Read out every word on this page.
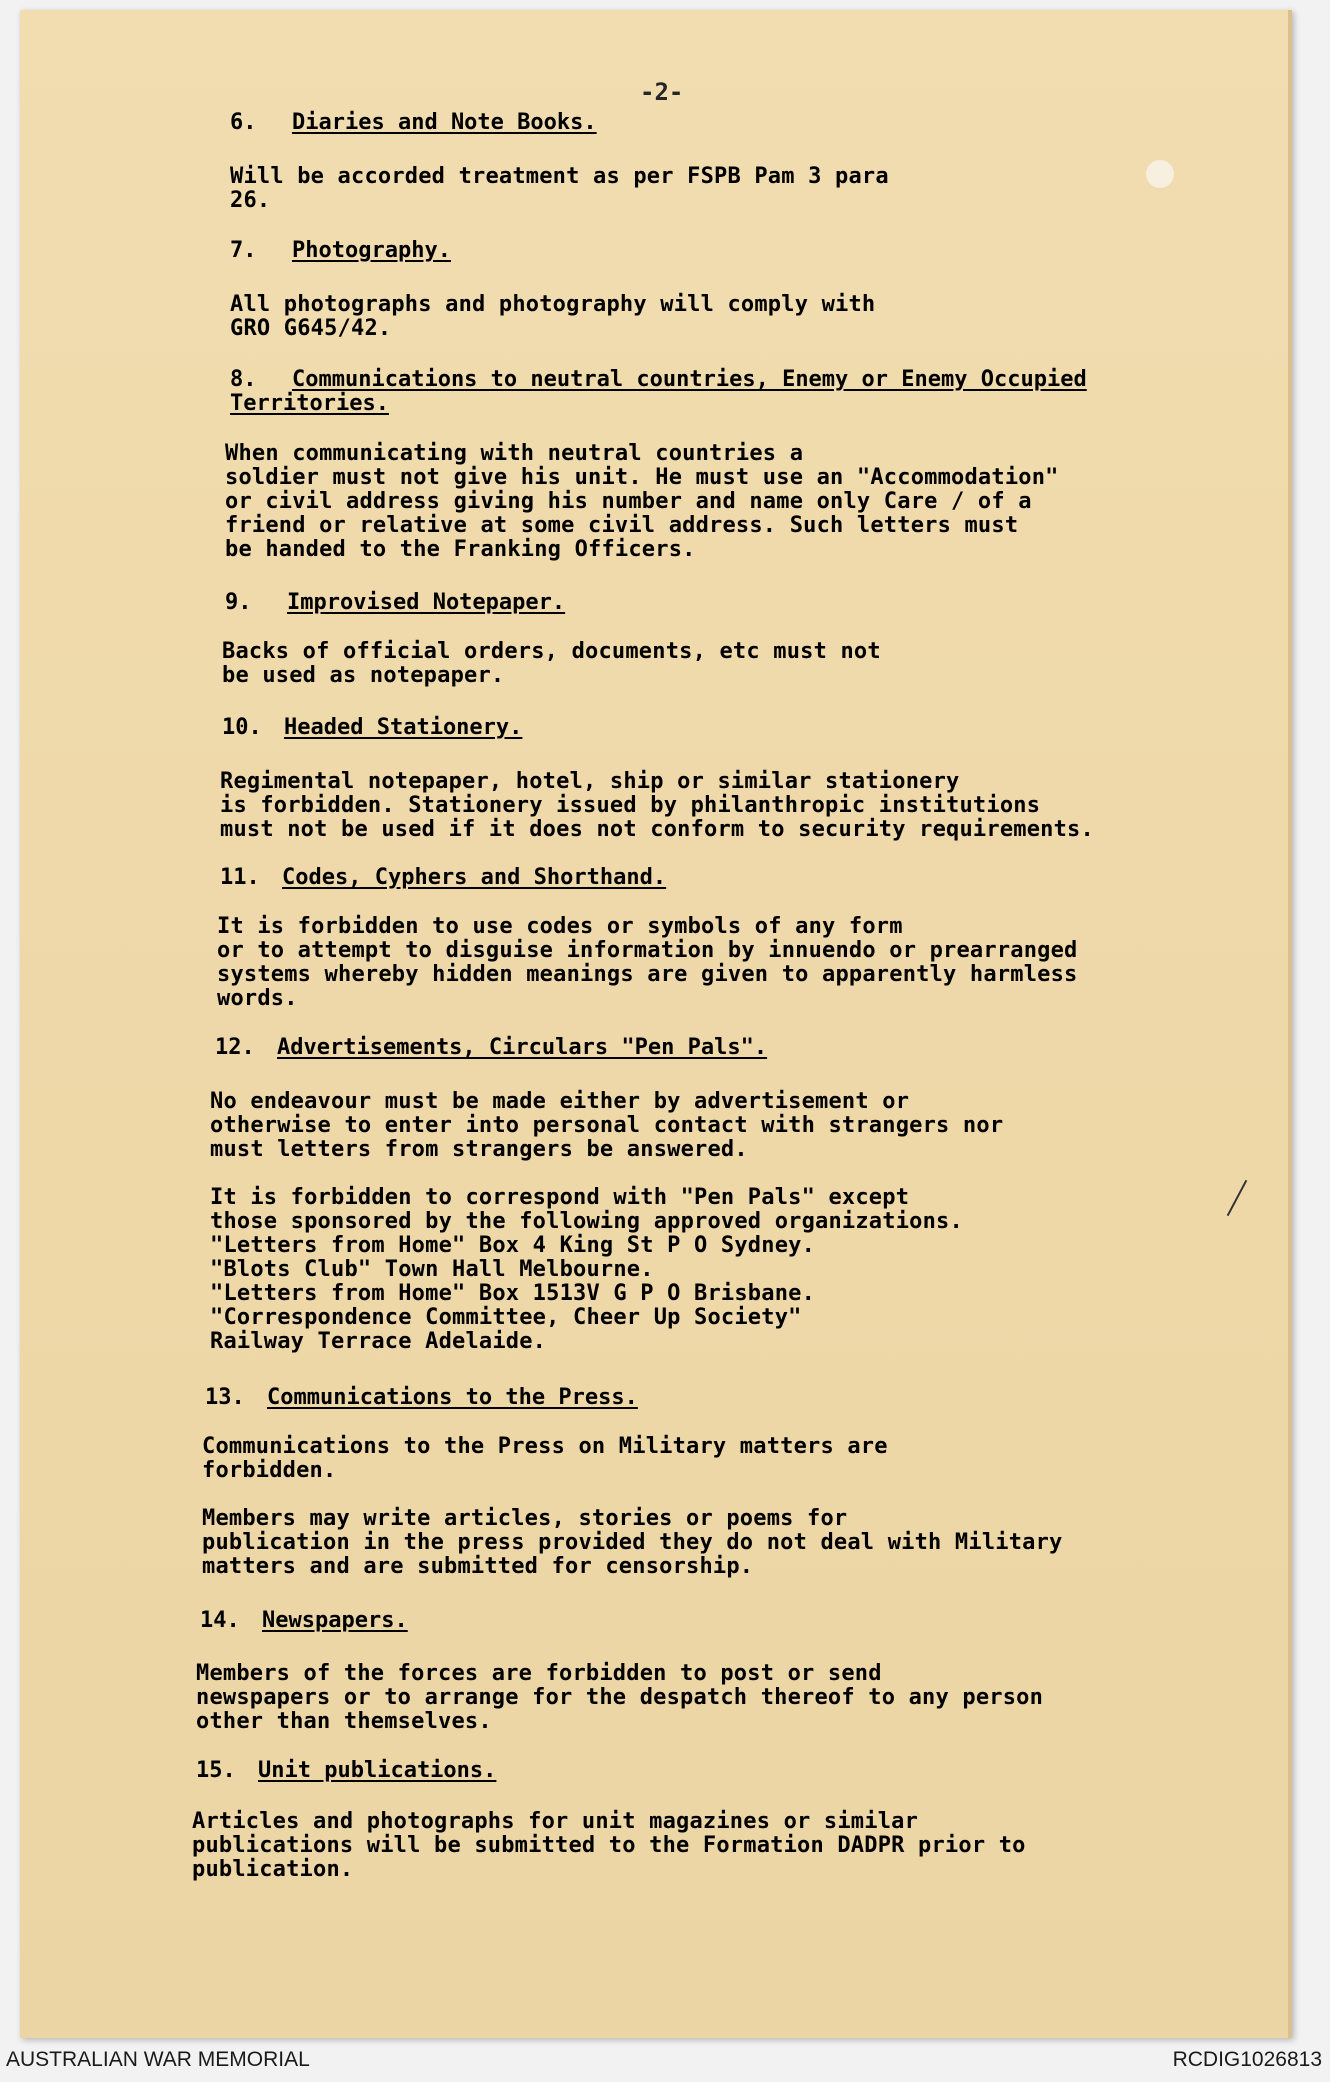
-2-
6. Diaries and Note Books.
Will be accorded treatment as per FSPB Pam 3 para
26.
7. Photography.
All photographs and photography will comply with
GRO G645/42.
8. Communications to neutral countries, Enemy or Enemy Occupied Territories.
When communicating with neutral countries a
soldier must not give his unit. He must use an "Accommodation"
or civil address giving his number and name only Care / of a
friend or relative at some civil address. Such letters must
be handed to the Franking Officers.
9. Improvised Notepaper.
Backs of official orders, documents, etc must not
be used as notepaper.
10. Headed Stationery.
Regimental notepaper, hotel, ship or similar stationery
is forbidden. Stationery issued by philanthropic institutions
must not be used if it does not conform to security requirements.
11. Codes, Cyphers and Shorthand.
It is forbidden to use codes or symbols of any form
or to attempt to disguise information by innuendo or prearranged
systems whereby hidden meanings are given to apparently harmless
words.
12. Advertisements, Circulars "Pen Pals".
No endeavour must be made either by advertisement or
otherwise to enter into personal contact with strangers nor
must letters from strangers be answered.

It is forbidden to correspond with "Pen Pals" except
those sponsored by the following approved organizations.
"Letters from Home" Box 4 King St P O Sydney.
"Blots Club" Town Hall Melbourne.
"Letters from Home" Box 1513V G P O Brisbane.
"Correspondence Committee, Cheer Up Society"
Railway Terrace Adelaide.
13. Communications to the Press.
Communications to the Press on Military matters are
forbidden.

Members may write articles, stories or poems for
publication in the press provided they do not deal with Military
matters and are submitted for censorship.
14. Newspapers.
Members of the forces are forbidden to post or send
newspapers or to arrange for the despatch thereof to any person
other than themselves.
15. Unit publications.
Articles and photographs for unit magazines or similar
publications will be submitted to the Formation DADPR prior to
publication.
AUSTRALIAN WAR MEMORIAL	RCDIG1026813
